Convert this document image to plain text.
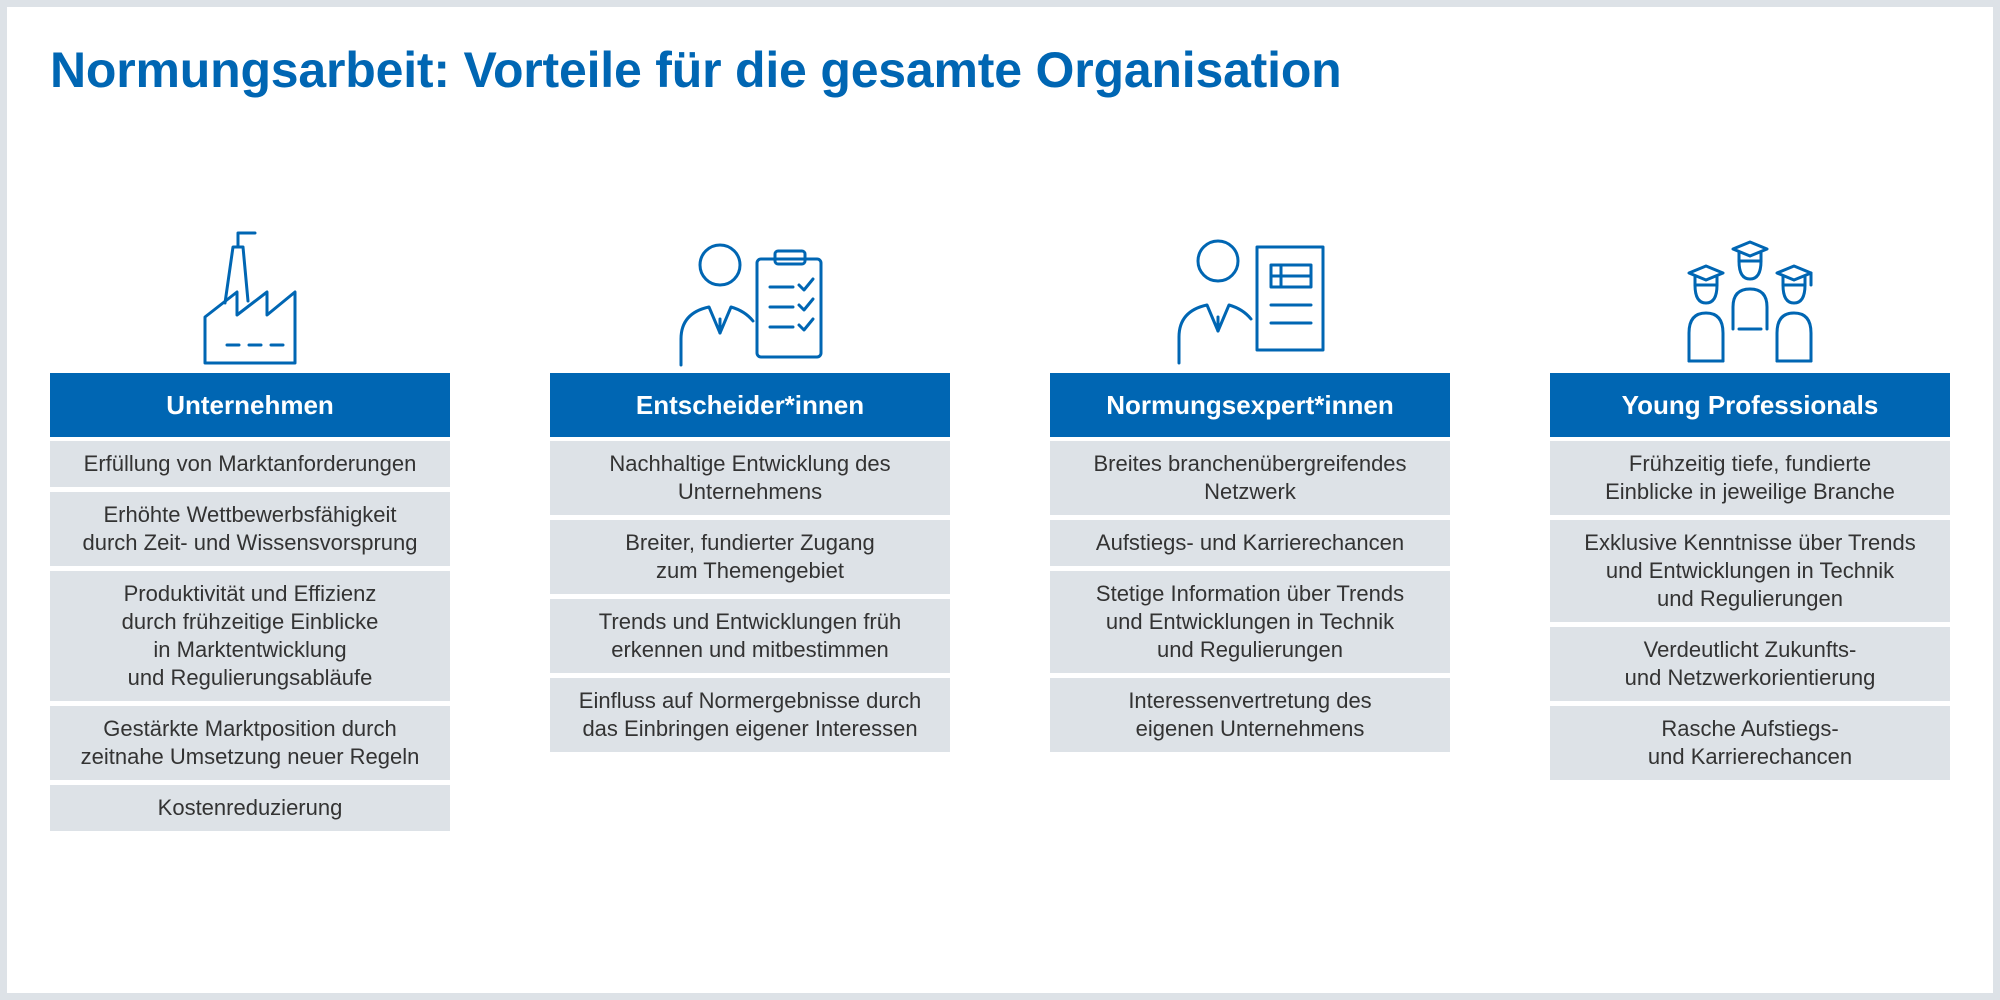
Normungsarbeit: Vorteile für die gesamte Organisation
Unternehmen
Erfüllung von Marktanforderungen
Erhöhte Wettbewerbsfähigkeit
durch Zeit- und Wissensvorsprung
Produktivität und Effizienz
durch frühzeitige Einblicke
in Marktentwicklung
und Regulierungsabläufe
Gestärkte Marktposition durch
zeitnahe Umsetzung neuer Regeln
Kostenreduzierung
Entscheider*innen
Nachhaltige Entwicklung des
Unternehmens
Breiter, fundierter Zugang
zum Themengebiet
Trends und Entwicklungen früh
erkennen und mitbestimmen
Einfluss auf Normergebnisse durch
das Einbringen eigener Interessen
Normungsexpert*innen
Breites branchenübergreifendes
Netzwerk
Aufstiegs- und Karrierechancen
Stetige Information über Trends
und Entwicklungen in Technik
und Regulierungen
Interessenvertretung des
eigenen Unternehmens
Young Professionals
Frühzeitig tiefe, fundierte
Einblicke in jeweilige Branche
Exklusive Kenntnisse über Trends
und Entwicklungen in Technik
und Regulierungen
Verdeutlicht Zukunfts-
und Netzwerkorientierung
Rasche Aufstiegs-
und Karrierechancen
